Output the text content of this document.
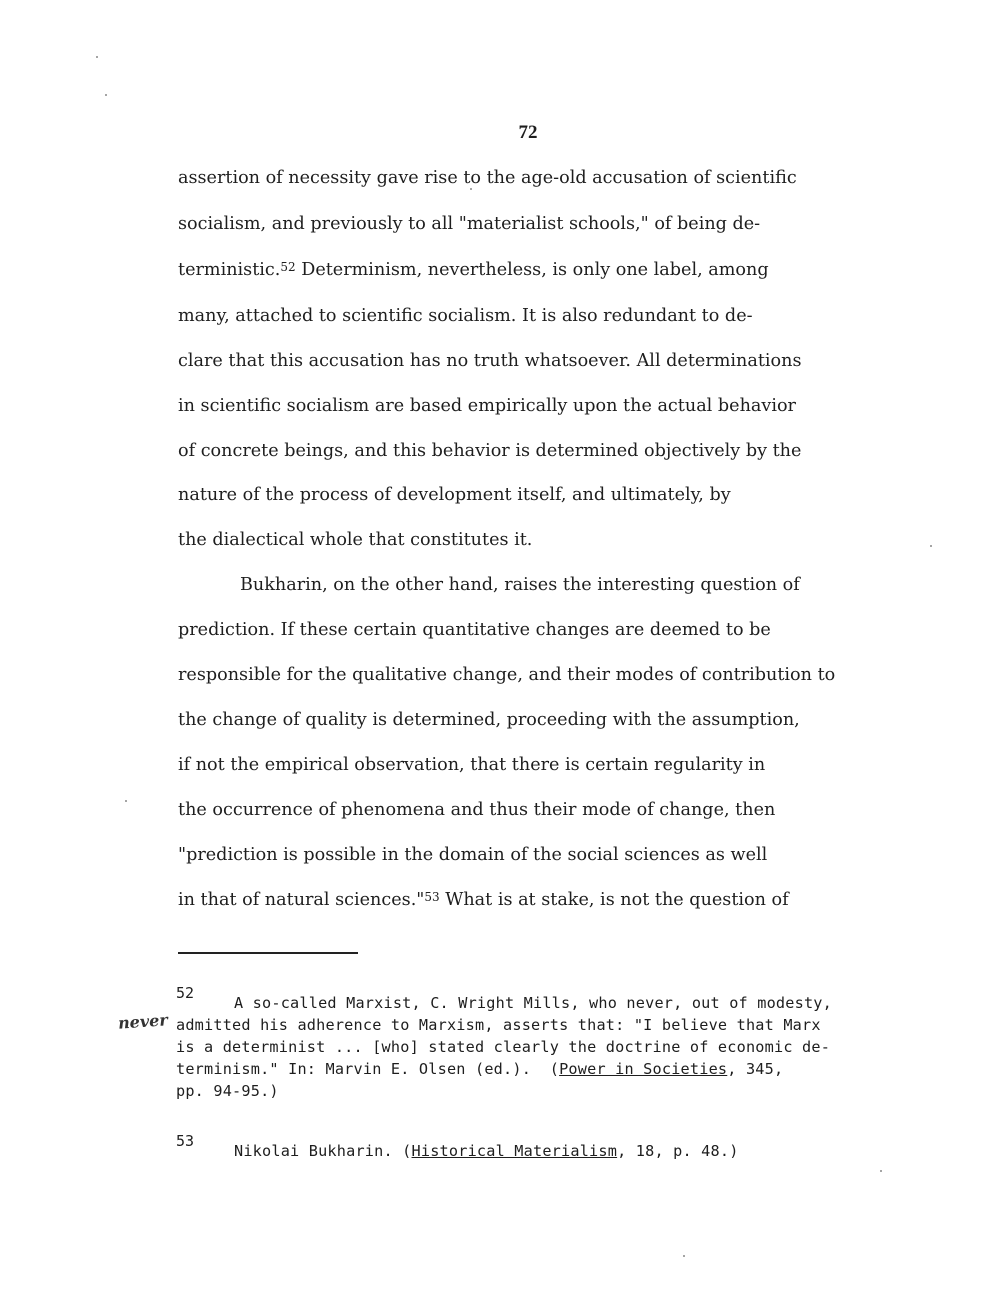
72
assertion of necessity gave rise to the age-old accusation of scientific
socialism, and previously to all "materialist schools," of being de-
terministic.$^{52}$ Determinism, nevertheless, is only one label, among
many, attached to scientific socialism. It is also redundant to de-
clare that this accusation has no truth whatsoever. All determinations
in scientific socialism are based empirically upon the actual behavior
of concrete beings, and this behavior is determined objectively by the
nature of the process of development itself, and ultimately, by
the dialectical whole that constitutes it.
Bukharin, on the other hand, raises the interesting question of
prediction. If these certain quantitative changes are deemed to be
responsible for the qualitative change, and their modes of contribution to
the change of quality is determined, proceeding with the assumption,
if not the empirical observation, that there is certain regularity in
the occurrence of phenomena and thus their mode of change, then
"prediction is possible in the domain of the social sciences as well
in that of natural sciences."$^{53}$ What is at stake, is not the question of
52
never
A so-called Marxist, C. Wright Mills, who never, out of modesty,
admitted his adherence to Marxism, asserts that: "I believe that Marx
is a determinist ... [who] stated clearly the doctrine of economic de-
terminism." In: Marvin E. Olsen (ed.). (Power in Societies, 345,
pp. 94-95.)
53
Nikolai Bukharin. (Historical Materialism, 18, p. 48.)
